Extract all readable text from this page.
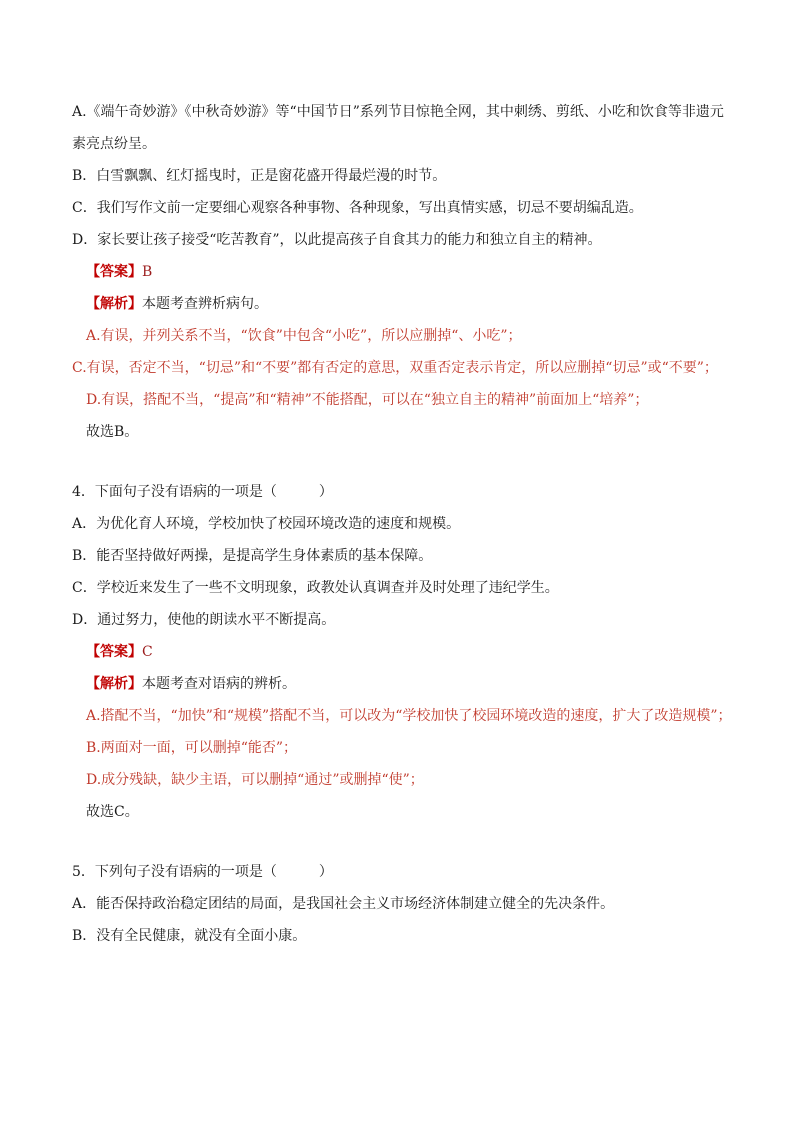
A.《端午奇妙游》《中秋奇妙游》等“中国节日”系列节目惊艳全网，其中刺绣、剪纸、小吃和饮食等非遗元素亮点纷呈。

B．白雪飘飘、红灯摇曳时，正是窗花盛开得最烂漫的时节。

C．我们写作文前一定要细心观察各种事物、各种现象，写出真情实感，切忌不要胡编乱造。

D．家长要让孩子接受“吃苦教育”，以此提高孩子自食其力的能力和独立自主的精神。

【答案】B

【解析】本题考查辨析病句。

A.有误，并列关系不当，“饮食”中包含“小吃”，所以应删掉“、小吃”；

C.有误，否定不当，“切忌”和“不要”都有否定的意思，双重否定表示肯定，所以应删掉“切忌”或“不要”；

D.有误，搭配不当，“提高”和“精神”不能搭配，可以在“独立自主的精神”前面加上“培养”；

故选B。

4．下面句子没有语病的一项是（　　　）

A．为优化育人环境，学校加快了校园环境改造的速度和规模。

B．能否坚持做好两操，是提高学生身体素质的基本保障。

C．学校近来发生了一些不文明现象，政教处认真调查并及时处理了违纪学生。

D．通过努力，使他的朗读水平不断提高。

【答案】C

【解析】本题考查对语病的辨析。

A.搭配不当，“加快”和“规模”搭配不当，可以改为“学校加快了校园环境改造的速度，扩大了改造规模”；

B.两面对一面，可以删掉“能否”；

D.成分残缺，缺少主语，可以删掉“通过”或删掉“使”；

故选C。

5．下列句子没有语病的一项是（　　　）

A．能否保持政治稳定团结的局面，是我国社会主义市场经济体制建立健全的先决条件。

B．没有全民健康，就没有全面小康。
